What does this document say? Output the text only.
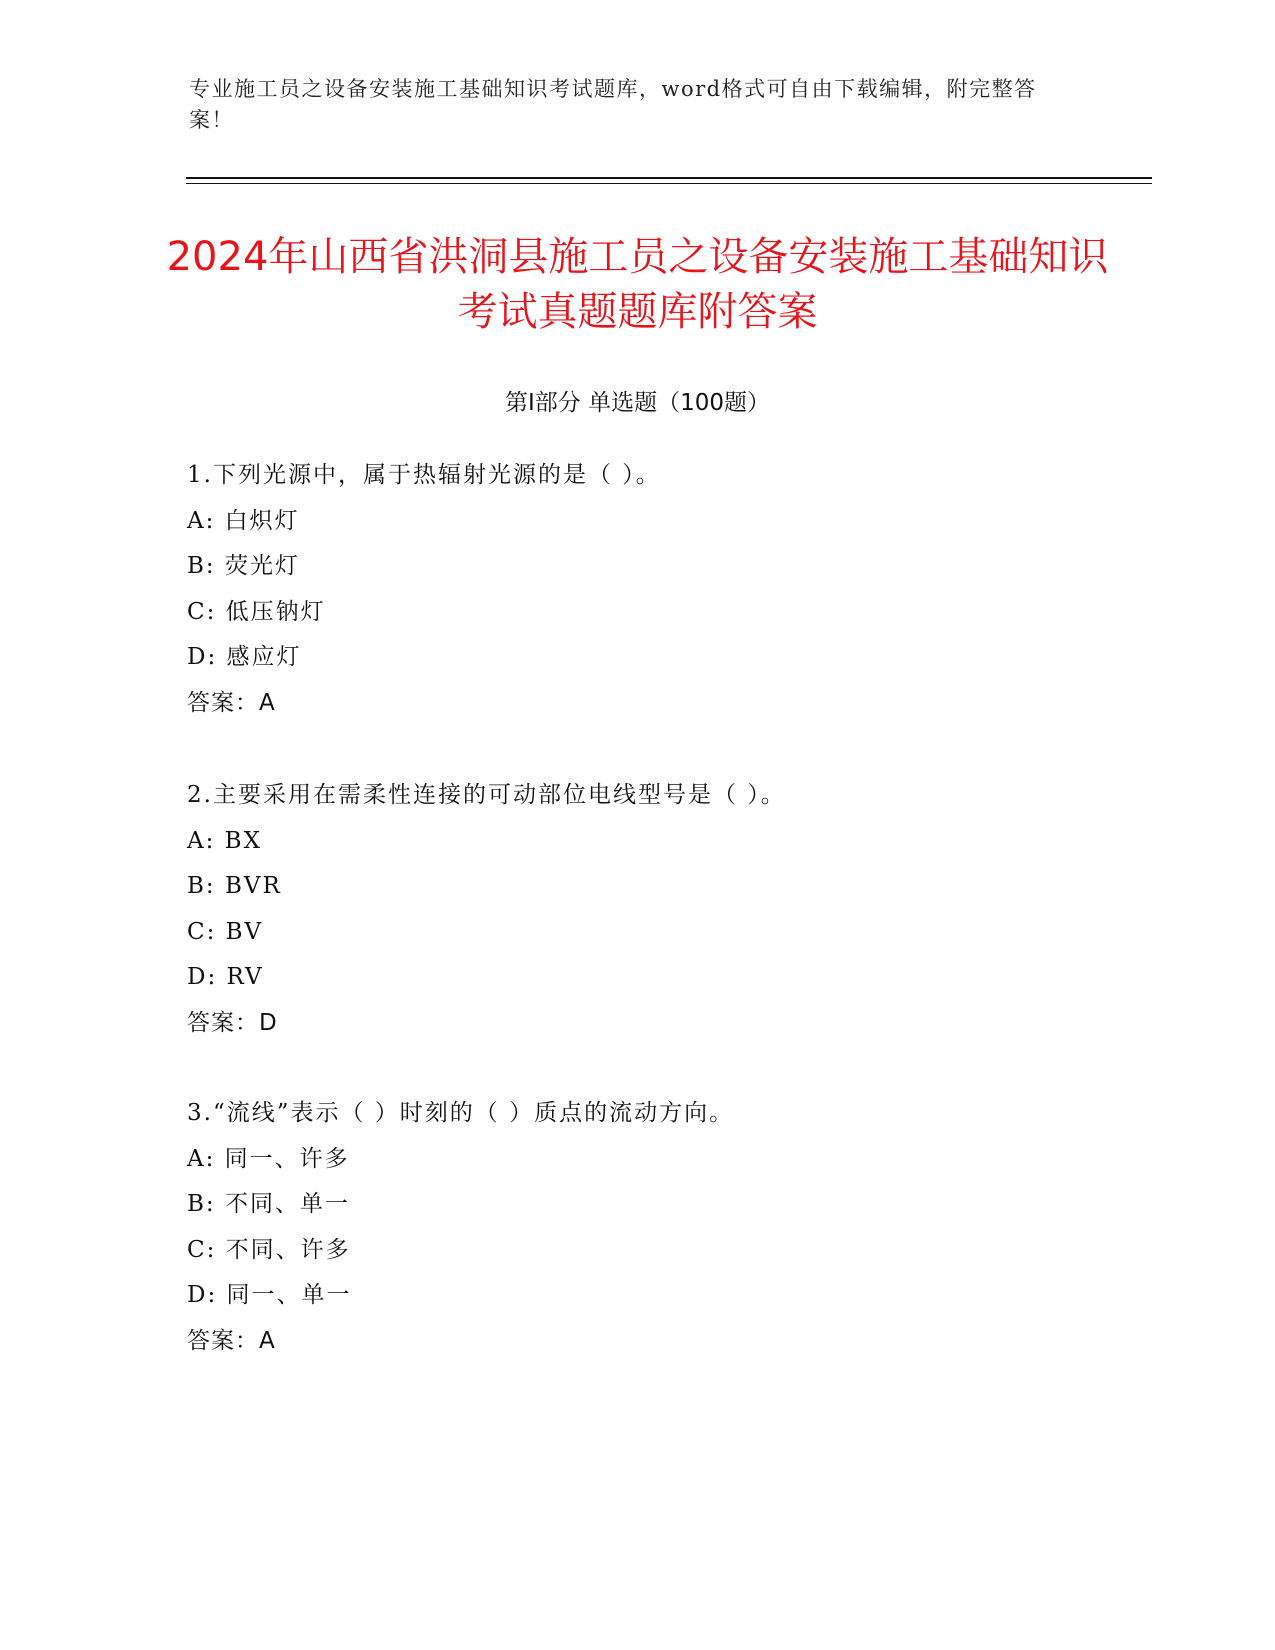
专业施工员之设备安装施工基础知识考试题库，word格式可自由下载编辑，附完整答案！
2024年山西省洪洞县施工员之设备安装施工基础知识考试真题题库附答案
第I部分 单选题（100题）
1.下列光源中，属于热辐射光源的是（ ）。
A: 白炽灯
B: 荧光灯
C: 低压钠灯
D: 感应灯
答案：A
2.主要采用在需柔性连接的可动部位电线型号是（ ）。
A: BX
B: BVR
C: BV
D: RV
答案：D
3.“流线”表示（ ）时刻的（ ）质点的流动方向。
A: 同一、许多
B: 不同、单一
C: 不同、许多
D: 同一、单一
答案：A
